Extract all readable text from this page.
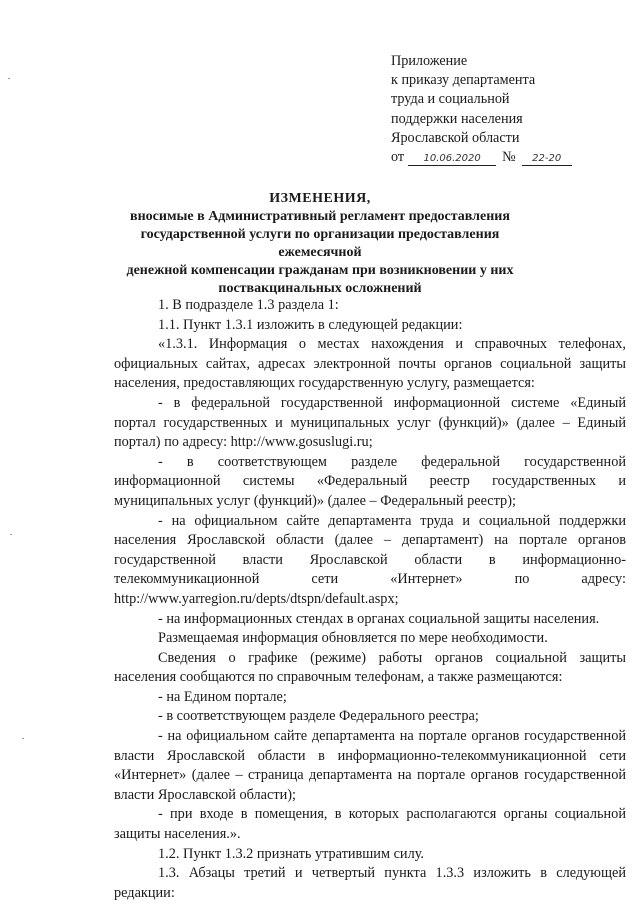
Приложение
к приказу департамента
труда и социальной
поддержки населения
Ярославской области
от 10.06.2020 № 22-20
ИЗМЕНЕНИЯ,
вносимые в Административный регламент предоставления
государственной услуги по организации предоставления ежемесячной
денежной компенсации гражданам при возникновении у них
поствакцинальных осложнений

1. В подразделе 1.3 раздела 1:

1.1. Пункт 1.3.1 изложить в следующей редакции:

«1.3.1. Информация о местах нахождения и справочных телефонах, официальных сайтах, адресах электронной почты органов социальной защиты населения, предоставляющих государственную услугу, размещается:

- в федеральной государственной информационной системе «Единый портал государственных и муниципальных услуг (функций)» (далее – Единый портал) по адресу: http://www.gosuslugi.ru;

- в соответствующем разделе федеральной государственной информационной системы «Федеральный реестр государственных и муниципальных услуг (функций)» (далее – Федеральный реестр);

- на официальном сайте департамента труда и социальной поддержки населения Ярославской области (далее – департамент) на портале органов государственной власти Ярославской области в информационно-телекоммуникационной сети «Интернет» по адресу: http://www.yarregion.ru/depts/dtspn/default.aspx;

- на информационных стендах в органах социальной защиты населения.

Размещаемая информация обновляется по мере необходимости.

Сведения о графике (режиме) работы органов социальной защиты населения сообщаются по справочным телефонам, а также размещаются:

- на Едином портале;

- в соответствующем разделе Федерального реестра;

- на официальном сайте департамента на портале органов государственной власти Ярославской области в информационно-телекоммуникационной сети «Интернет» (далее – страница департамента на портале органов государственной власти Ярославской области);

- при входе в помещения, в которых располагаются органы социальной защиты населения.».

1.2. Пункт 1.3.2 признать утратившим силу.

1.3. Абзацы третий и четвертый пункта 1.3.3 изложить в следующей редакции:
